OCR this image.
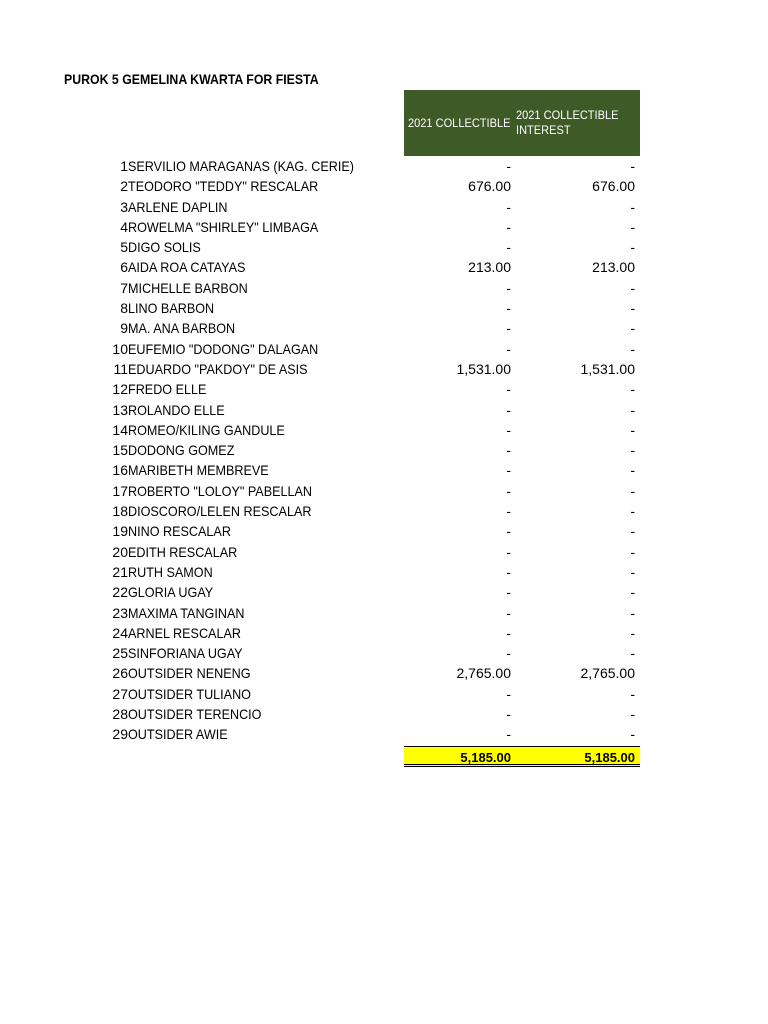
PUROK 5 GEMELINA KWARTA FOR FIESTA
2021 COLLECTIBLE
2021 COLLECTIBLE INTEREST
1 SERVILIO MARAGANAS (KAG. CERIE)	-	-
2 TEODORO "TEDDY" RESCALAR	676.00	676.00
3 ARLENE DAPLIN	-	-
4 ROWELMA "SHIRLEY" LIMBAGA	-	-
5 DIGO SOLIS	-	-
6 AIDA ROA CATAYAS	213.00	213.00
7 MICHELLE BARBON	-	-
8 LINO BARBON	-	-
9 MA. ANA BARBON	-	-
10 EUFEMIO "DODONG" DALAGAN	-	-
11 EDUARDO "PAKDOY" DE ASIS	1,531.00	1,531.00
12 FREDO ELLE	-	-
13 ROLANDO ELLE	-	-
14 ROMEO/KILING GANDULE	-	-
15 DODONG GOMEZ	-	-
16 MARIBETH MEMBREVE	-	-
17 ROBERTO "LOLOY" PABELLAN	-	-
18 DIOSCORO/LELEN RESCALAR	-	-
19 NINO RESCALAR	-	-
20 EDITH RESCALAR	-	-
21 RUTH SAMON	-	-
22 GLORIA UGAY	-	-
23 MAXIMA TANGINAN	-	-
24 ARNEL RESCALAR	-	-
25 SINFORIANA UGAY	-	-
26 OUTSIDER NENENG	2,765.00	2,765.00
27 OUTSIDER TULIANO	-	-
28 OUTSIDER TERENCIO	-	-
29 OUTSIDER AWIE	-	-
5,185.00	5,185.00
